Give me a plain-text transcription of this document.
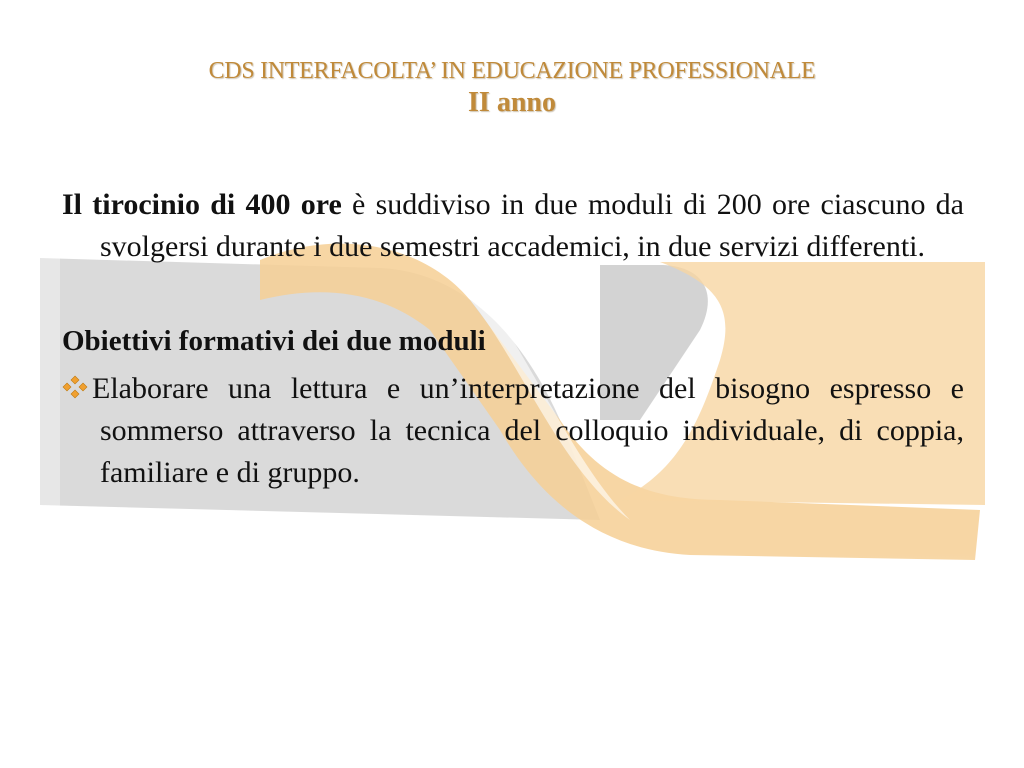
CDS INTERFACOLTA’ IN EDUCAZIONE PROFESSIONALE
II anno

Il tirocinio di 400 ore è suddiviso in due moduli di 200 ore ciascuno da svolgersi durante i due semestri accademici, in due servizi differenti.

Obiettivi formativi dei due moduli

Elaborare una lettura e un’interpretazione del bisogno espresso e sommerso attraverso la tecnica del colloquio individuale, di coppia, familiare e di gruppo.
